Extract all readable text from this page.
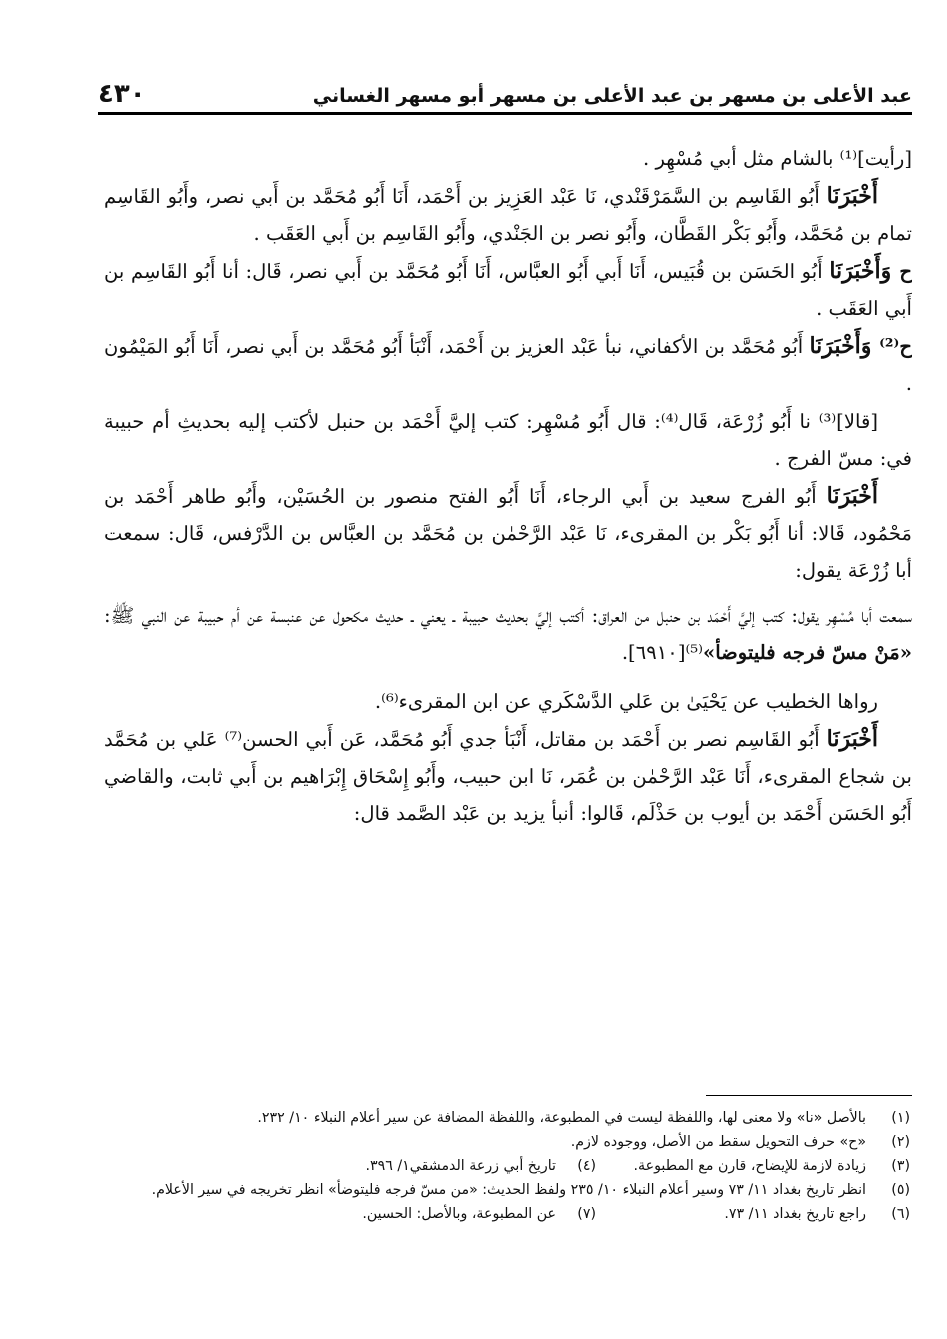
عبد الأعلى بن مسهر بن عبد الأعلى بن مسهر أبو مسهر الغساني
٤٣٠

[رأيت]⁽¹⁾ بالشام مثل أبي مُسْهِر .

أَخْبَرَنَا أَبُو القَاسِم بن السَّمَرْقَنْدي، نَا عَبْد العَزِيز بن أَحْمَد، أَنَا أَبُو مُحَمَّد بن أَبي نصر، وأَبُو القَاسِم تمام بن مُحَمَّد، وأَبُو بَكْر القَطَّان، وأَبُو نصر بن الجَنْدي، وأَبُو القَاسِم بن أَبي العَقَب .

ح وَأَخْبَرَنَا أَبُو الحَسَن بن قُبَيس، أَنَا أَبي أَبُو العبَّاس، أَنَا أَبُو مُحَمَّد بن أَبي نصر، قَال: أنا أَبُو القَاسِم بن أَبي العَقَب .

ح⁽²⁾ وَأَخْبَرَنَا أَبُو مُحَمَّد بن الأكفاني، نبأ عَبْد العزيز بن أَحْمَد، أَنْبَأ أَبُو مُحَمَّد بن أَبي نصر، أَنَا أَبُو المَيْمُون .

[قالا]⁽³⁾ نا أَبُو زُرْعَة، قَال⁽⁴⁾: قال أَبُو مُسْهِر: كتب إليَّ أَحْمَد بن حنبل لأكتب إليه بحديثِ أم حبيبة في: مسّ الفرج .

أَخْبَرَنَا أَبُو الفرج سعيد بن أَبي الرجاء، أَنَا أَبُو الفتح منصور بن الحُسَيْن، وأَبُو طاهر أَحْمَد بن مَحْمُود، قَالا: أنا أَبُو بَكْر بن المقرىء، نَا عَبْد الرَّحْمٰن بن مُحَمَّد بن العبَّاس بن الدَّرْفس، قَال: سمعت أبا زُرْعَة يقول:

سمعت أبا مُسْهِر يقول: كتب إليَّ أَحْمَد بن حنبل من العراق: أكتب إليَّ بحديث حبيبة ـ يعني ـ حديث مكحول عن عنبسة عن أم حبيبة عن النبي ﷺ: «مَنْ مسّ فرجه فليتوضأ»⁽⁵⁾[٦٩١٠].

رواها الخطيب عن يَحْيَىٰ بن عَلي الدَّسْكَري عن ابن المقرىء⁽⁶⁾.

أَخْبَرَنَا أَبُو القَاسِم نصر بن أَحْمَد بن مقاتل، أَنْبَأ جدي أَبُو مُحَمَّد، عَن أَبي الحسن⁽⁷⁾ عَلي بن مُحَمَّد بن شجاع المقرىء، أَنَا عَبْد الرَّحْمٰن بن عُمَر، نَا ابن حبيب، وأَبُو إِسْحَاق إِبْرَاهيم بن أَبي ثابت، والقاضي أَبُو الحَسَن أَحْمَد بن أيوب بن حَذْلَم، قَالوا: أنبأ يزيد بن عَبْد الصَّمد قال:

(١)
بالأصل «نا» ولا معنى لها، واللفظة ليست في المطبوعة، واللفظة المضافة عن سير أعلام النبلاء ١٠/ ٢٣٢.
(٢)
«ح» حرف التحويل سقط من الأصل، ووجوده لازم.
(٣)
زيادة لازمة للإيضاح، قارن مع المطبوعة.
(٤)
تاريخ أبي زرعة الدمشقي١/ ٣٩٦.
(٥)
انظر تاريخ بغداد ١١/ ٧٣ وسير أعلام النبلاء ١٠/ ٢٣٥ ولفظ الحديث: «من مسّ فرجه فليتوضأ» انظر تخريجه في سير الأعلام.
(٦)
راجع تاريخ بغداد ١١/ ٧٣.
(٧)
عن المطبوعة، وبالأصل: الحسين.
